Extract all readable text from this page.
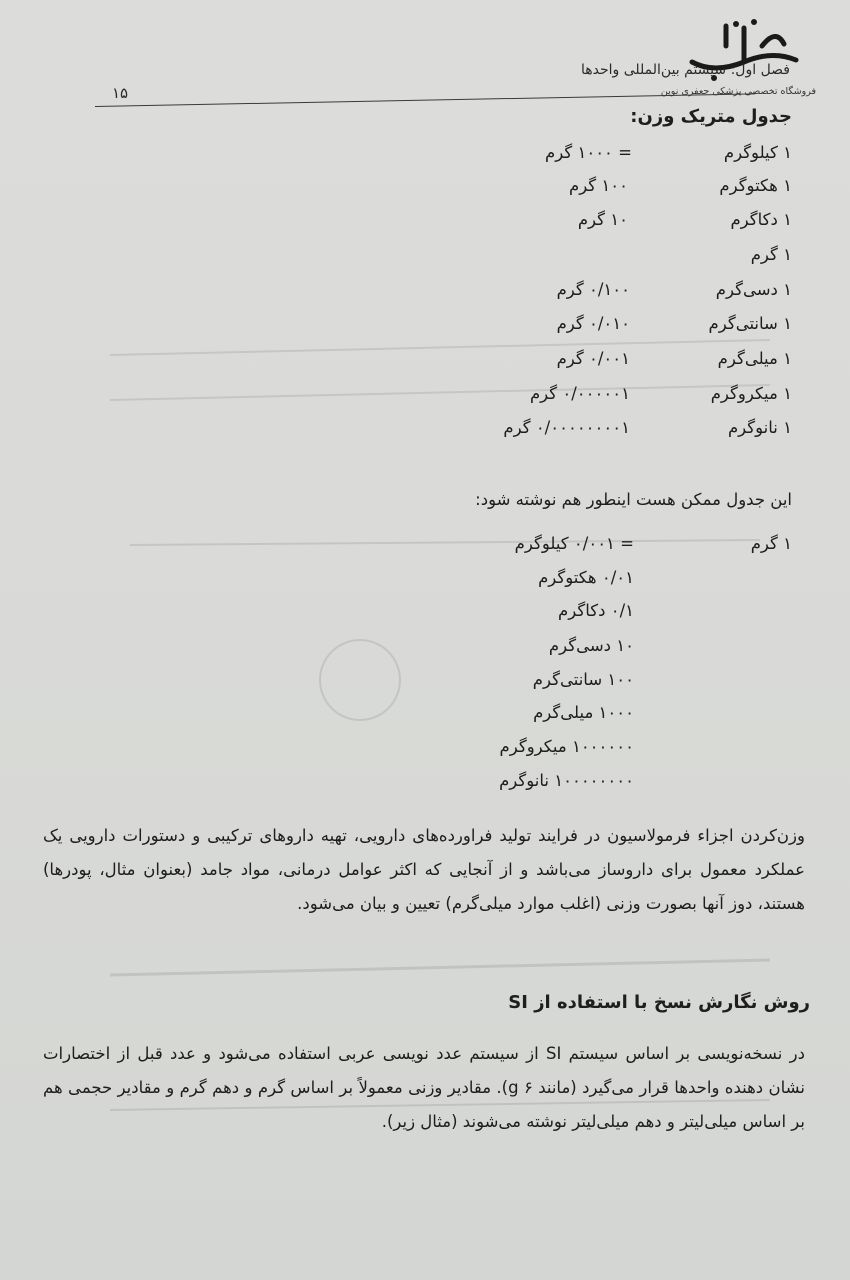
فصل اول: سیستم بین‌المللی واحدها
فروشگاه تخصصی پزشکی جعفری نوین
۱۵
جدول متریک وزن:
۱ کیلوگرم
= ۱۰۰۰ گرم
۱ هکتوگرم
۱۰۰ گرم
۱ دکاگرم
۱۰ گرم
۱ گرم
۱ دسی‌گرم
۰/۱۰۰ گرم
۱ سانتی‌گرم
۰/۰۱۰ گرم
۱ میلی‌گرم
۰/۰۰۱ گرم
۱ میکروگرم
۰/۰۰۰۰۰۱ گرم
۱ نانوگرم
۰/۰۰۰۰۰۰۰۰۱ گرم
این جدول ممکن هست اینطور هم نوشته شود:
۱ گرم
= ۰/۰۰۱ کیلوگرم
۰/۰۱ هکتوگرم
۰/۱ دکاگرم
۱۰ دسی‌گرم
۱۰۰ سانتی‌گرم
۱۰۰۰ میلی‌گرم
۱۰۰۰۰۰۰ میکروگرم
۱۰۰۰۰۰۰۰۰ نانوگرم
وزن‌کردن اجزاء فرمولاسیون در فرایند تولید فراورده‌های دارویی، تهیه داروهای ترکیبی و دستورات دارویی یک عملکرد معمول برای داروساز می‌باشد و از آنجایی که اکثر عوامل درمانی، مواد جامد (بعنوان مثال، پودرها) هستند، دوز آنها بصورت وزنی (اغلب موارد میلی‌گرم) تعیین و بیان می‌شود.
روش نگارش نسخ با استفاده از SI
در نسخه‌نویسی بر اساس سیستم SI از سیستم عدد نویسی عربی استفاده می‌شود و عدد قبل از اختصارات نشان دهنده واحدها قرار می‌گیرد (مانند g ۶). مقادیر وزنی معمولاً بر اساس گرم و دهم گرم و مقادیر حجمی هم بر اساس میلی‌لیتر و دهم میلی‌لیتر نوشته می‌شوند (مثال زیر).
